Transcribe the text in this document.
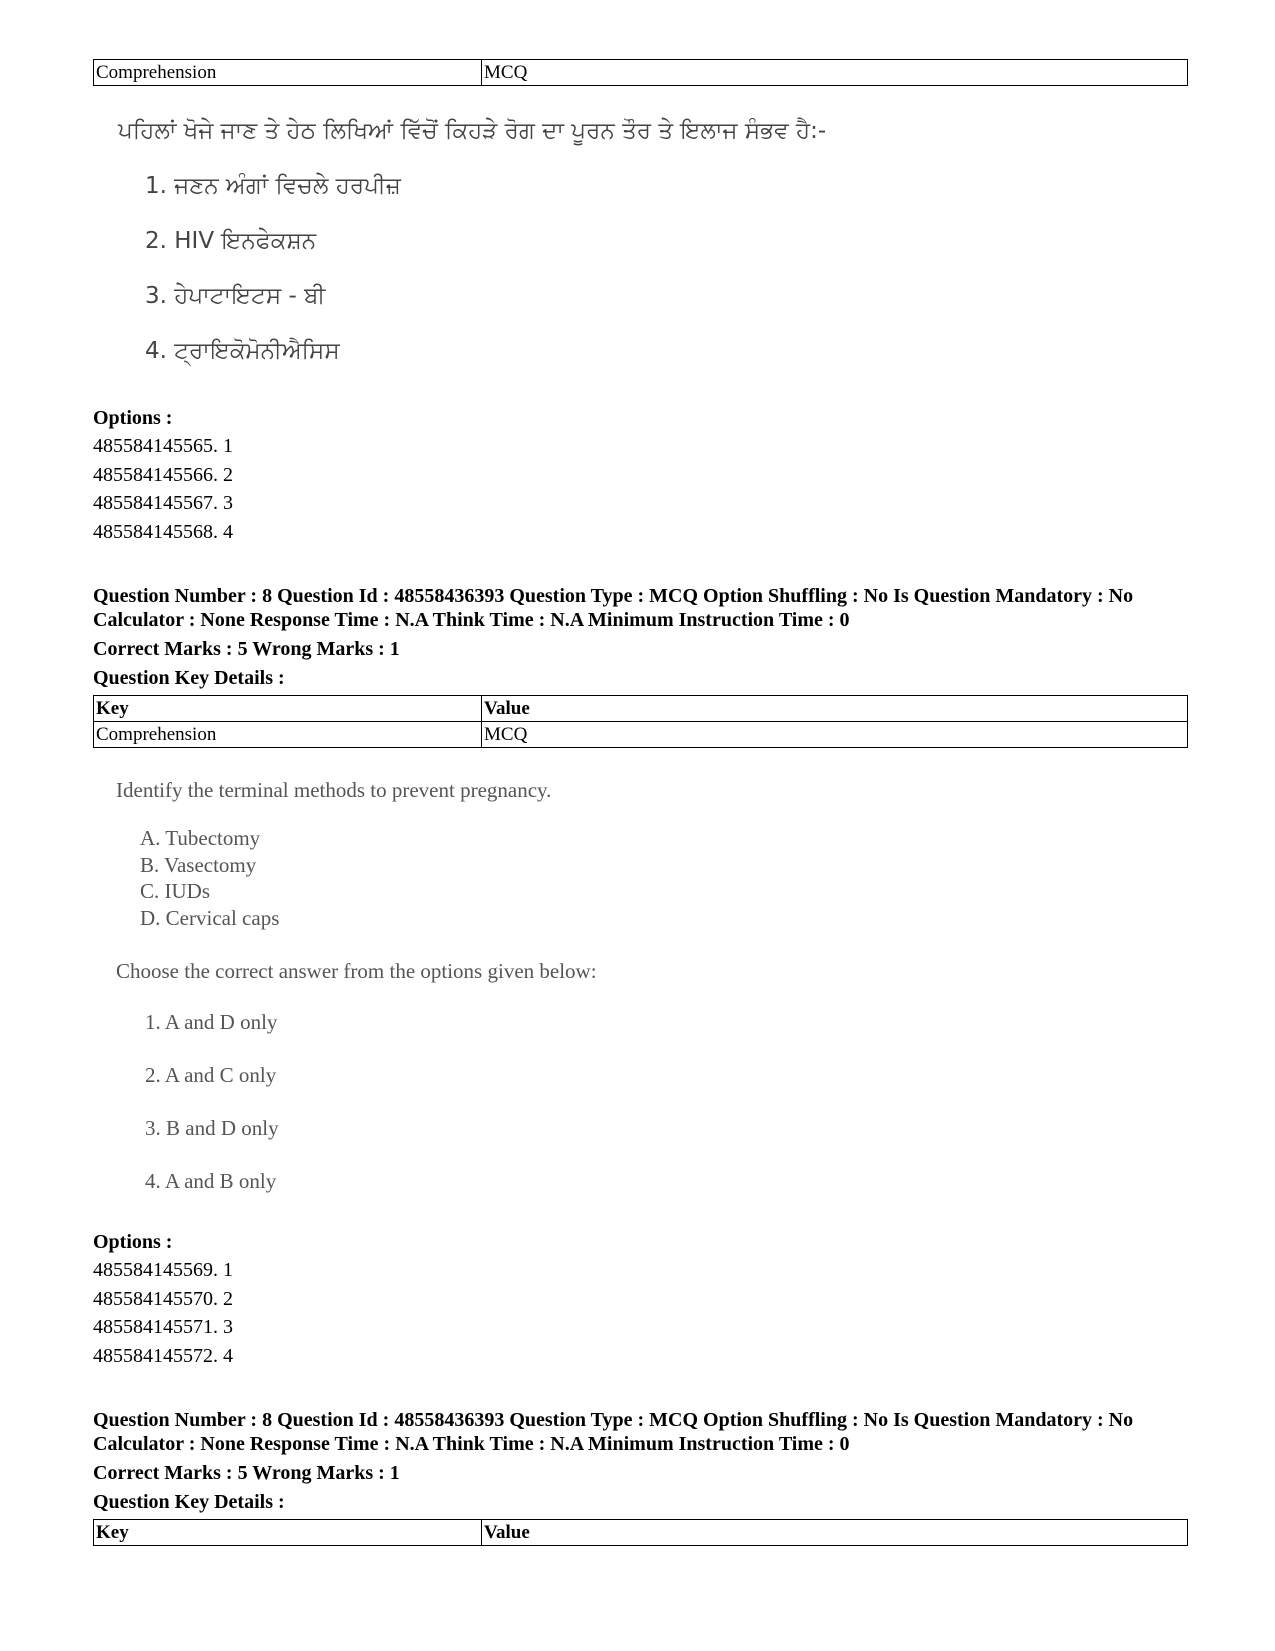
Comprehension	MCQ
ਪਹਿਲਾਂ ਖੋਜੇ ਜਾਣ ਤੇ ਹੇਠ ਲਿਖਿਆਂ ਵਿੱਚੋਂ ਕਿਹੜੇ ਰੋਗ ਦਾ ਪੂਰਨ ਤੌਰ ਤੇ ਇਲਾਜ ਸੰਭਵ ਹੈ:-
1. ਜਣਨ ਅੰਗਾਂ ਵਿਚਲੇ ਹਰਪੀਜ਼
2. HIV ਇਨਫੇਕਸ਼ਨ
3. ਹੇਪਾਟਾਇਟਸ - ਬੀ
4. ਟ੍ਰਾਇਕੋਮੋਨੀਐਸਿਸ
Options :
485584145565. 1
485584145566. 2
485584145567. 3
485584145568. 4
Question Number : 8 Question Id : 48558436393 Question Type : MCQ Option Shuffling : No Is Question Mandatory : No
Calculator : None Response Time : N.A Think Time : N.A Minimum Instruction Time : 0
Correct Marks : 5 Wrong Marks : 1
Question Key Details :
Key	Value
Comprehension	MCQ
Identify the terminal methods to prevent pregnancy.
A. Tubectomy
B. Vasectomy
C. IUDs
D. Cervical caps
Choose the correct answer from the options given below:
1. A and D only
2. A and C only
3. B and D only
4. A and B only
Options :
485584145569. 1
485584145570. 2
485584145571. 3
485584145572. 4
Question Number : 8 Question Id : 48558436393 Question Type : MCQ Option Shuffling : No Is Question Mandatory : No
Calculator : None Response Time : N.A Think Time : N.A Minimum Instruction Time : 0
Correct Marks : 5 Wrong Marks : 1
Question Key Details :
Key	Value
